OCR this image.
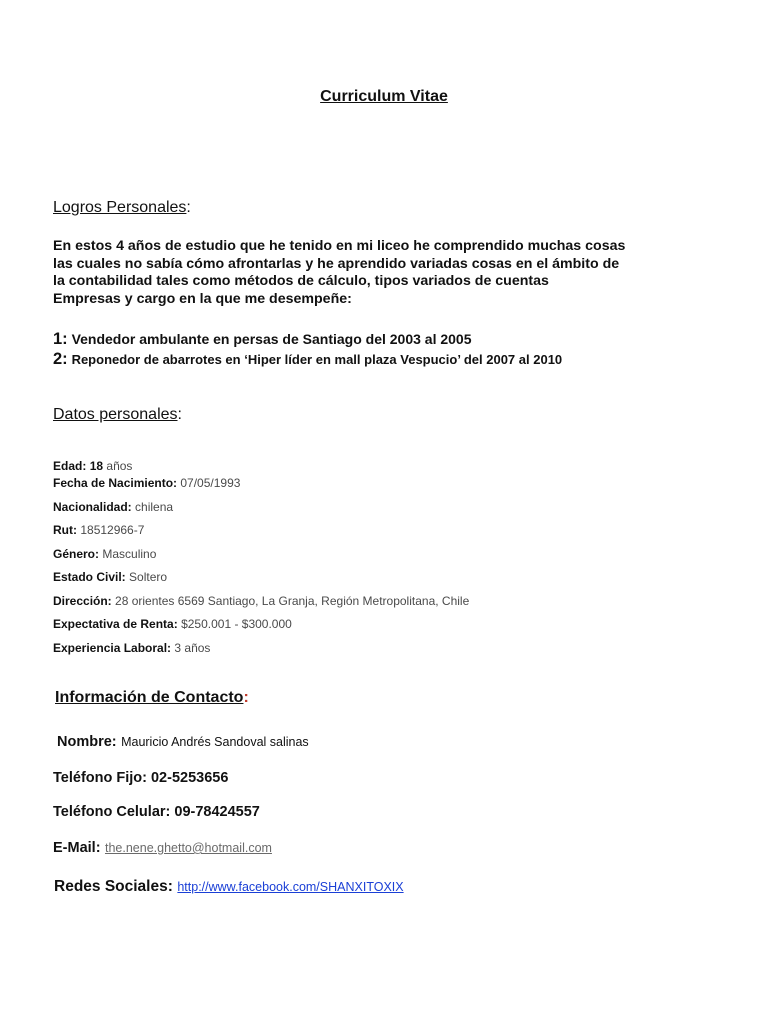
Curriculum Vitae
Logros Personales:
En estos 4 años de estudio que he tenido en mi liceo he comprendido muchas cosas
las cuales no sabía cómo afrontarlas y he aprendido variadas cosas en el ámbito de
la contabilidad tales como métodos de cálculo, tipos variados de cuentas
Empresas y cargo en la que me desempeñe:
1: Vendedor ambulante en persas de Santiago del 2003 al 2005
2: Reponedor de abarrotes en ‘Hiper líder en mall plaza Vespucio’ del 2007 al 2010
Datos personales:
Edad: 18 años
Fecha de Nacimiento: 07/05/1993
Nacionalidad: chilena
Rut: 18512966-7
Género: Masculino
Estado Civil: Soltero
Dirección: 28 orientes 6569 Santiago, La Granja, Región Metropolitana, Chile
Expectativa de Renta: $250.001 - $300.000
Experiencia Laboral: 3 años
Información de Contacto:
Nombre: Mauricio Andrés Sandoval salinas
Teléfono Fijo: 02-5253656
Teléfono Celular: 09-78424557
E-Mail: the.nene.ghetto@hotmail.com
Redes Sociales: http://www.facebook.com/SHANXITOXIX
